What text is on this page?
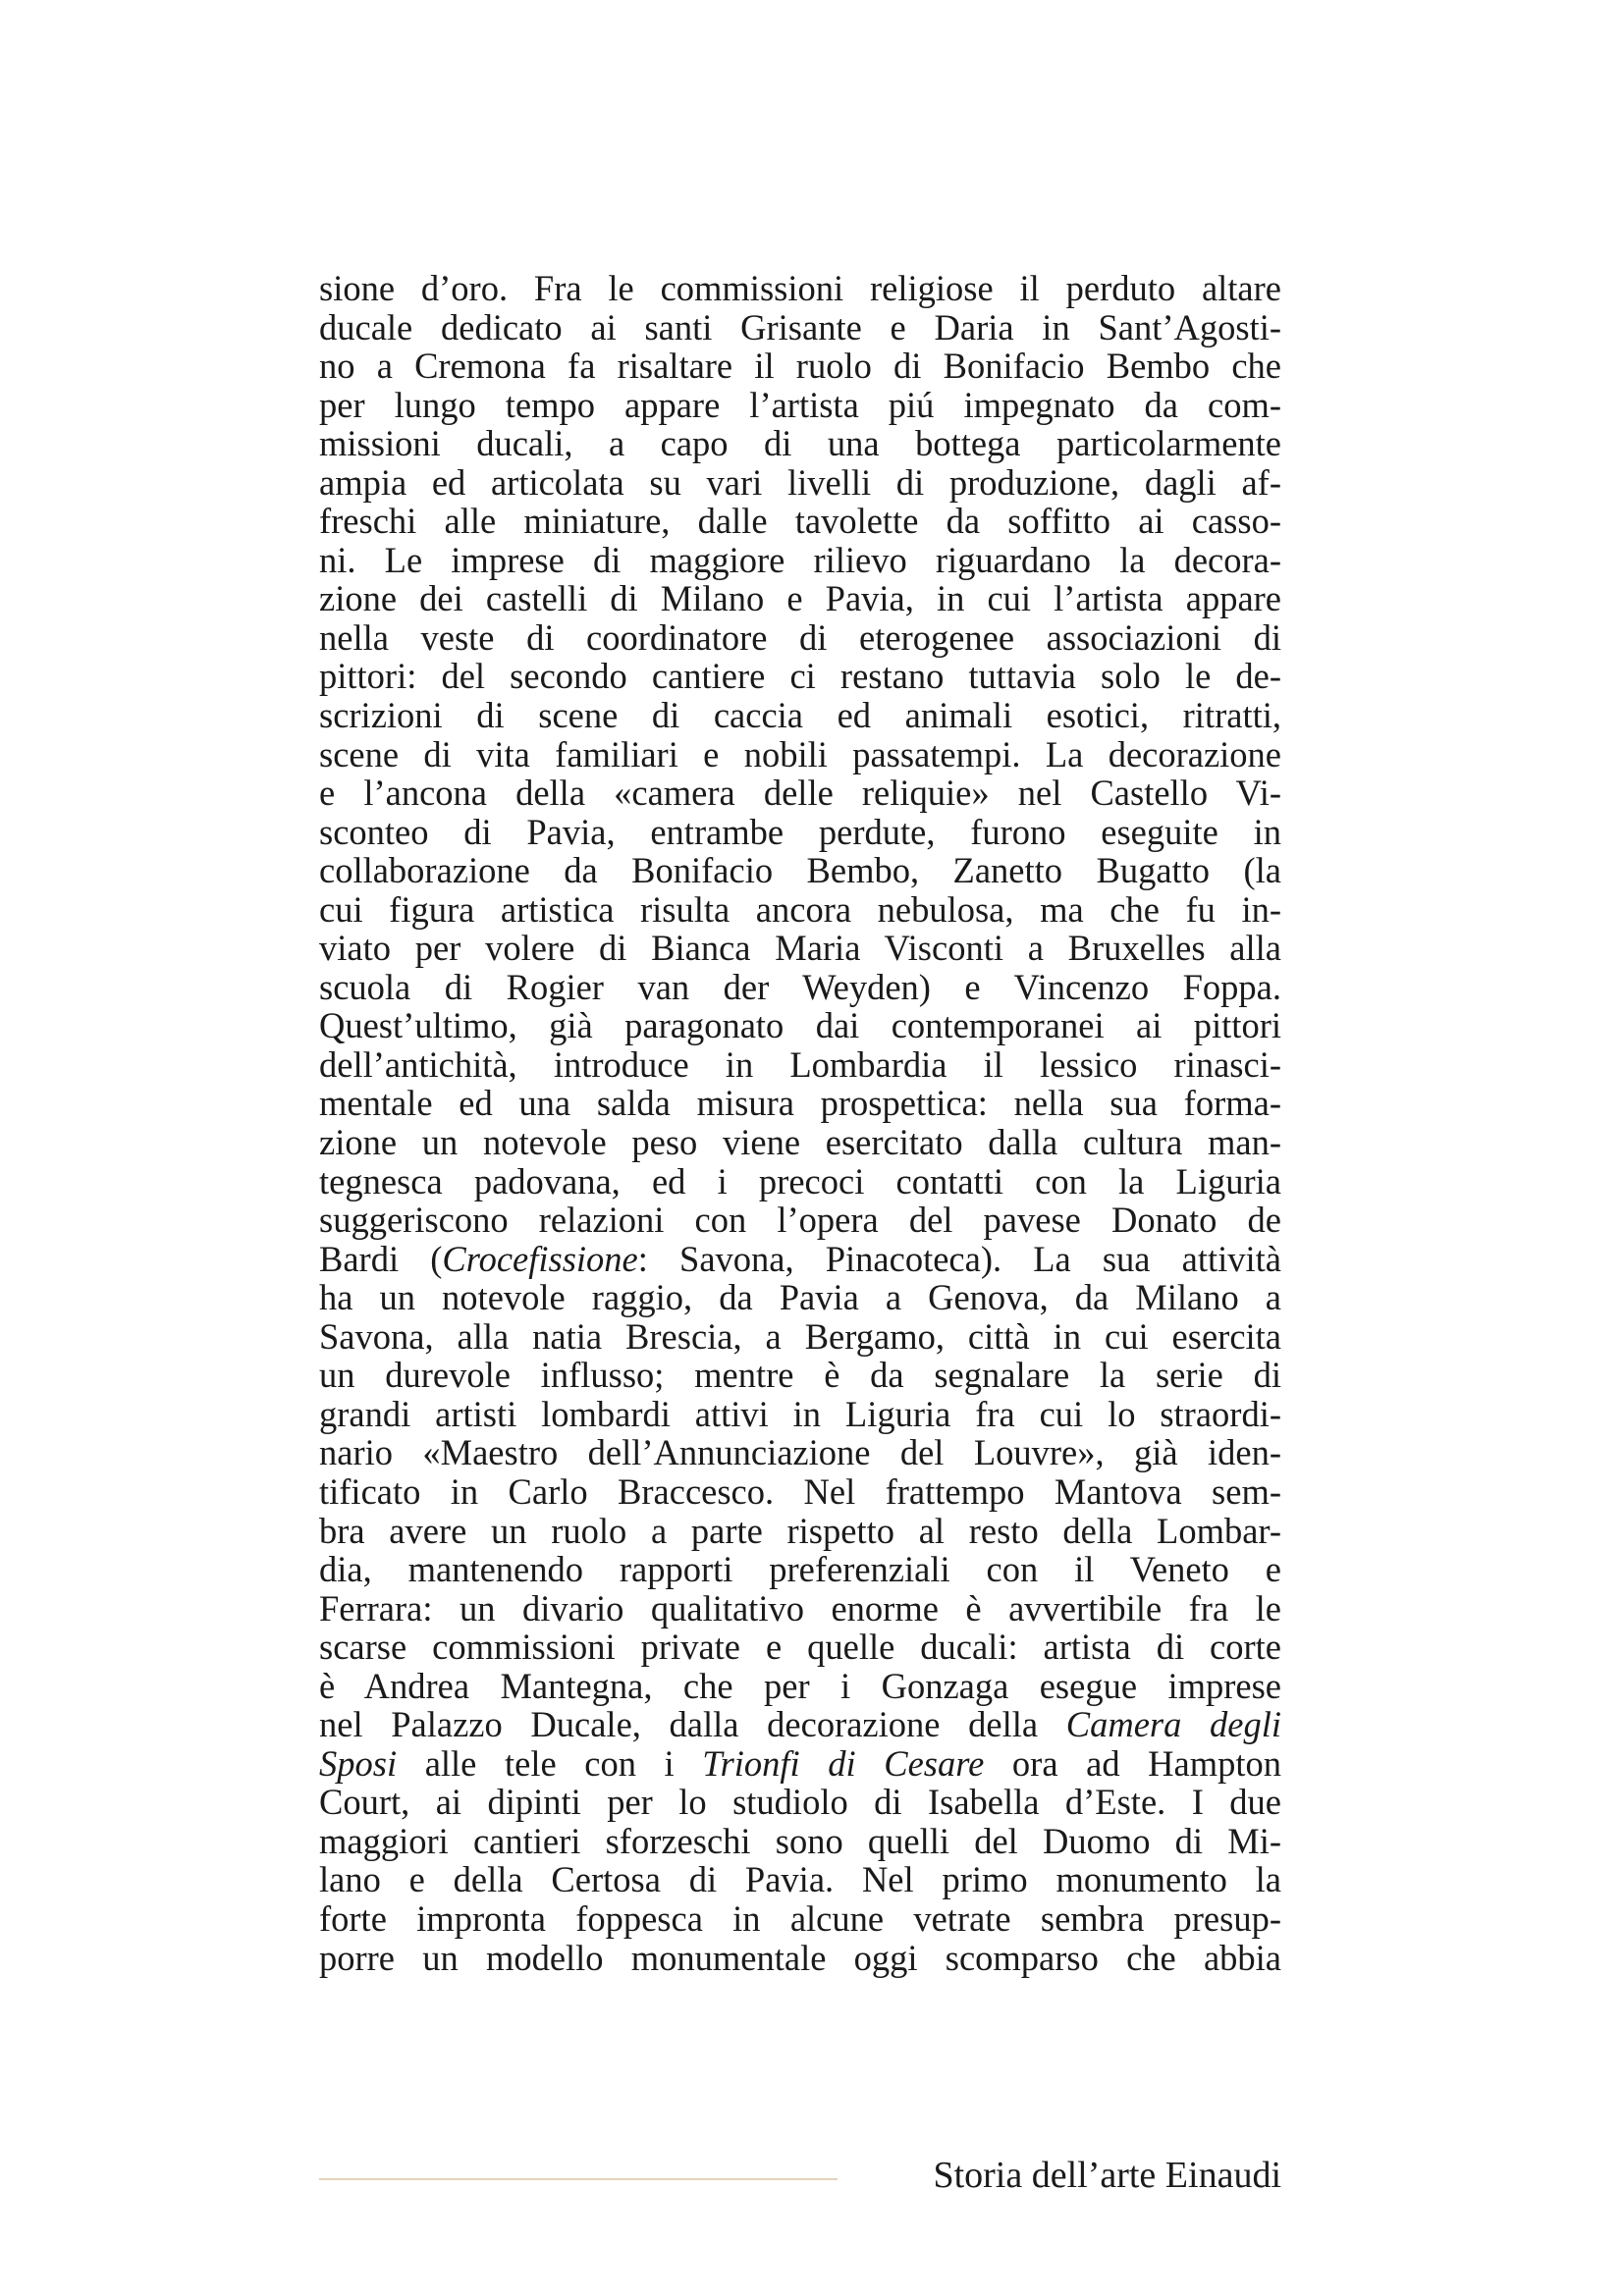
sione d’oro. Fra le commissioni religiose il perduto altare
ducale dedicato ai santi Grisante e Daria in Sant’Agosti-
no a Cremona fa risaltare il ruolo di Bonifacio Bembo che
per lungo tempo appare l’artista piú impegnato da com-
missioni ducali, a capo di una bottega particolarmente
ampia ed articolata su vari livelli di produzione, dagli af-
freschi alle miniature, dalle tavolette da soffitto ai casso-
ni. Le imprese di maggiore rilievo riguardano la decora-
zione dei castelli di Milano e Pavia, in cui l’artista appare
nella veste di coordinatore di eterogenee associazioni di
pittori: del secondo cantiere ci restano tuttavia solo le de-
scrizioni di scene di caccia ed animali esotici, ritratti,
scene di vita familiari e nobili passatempi. La decorazione
e l’ancona della «camera delle reliquie» nel Castello Vi-
sconteo di Pavia, entrambe perdute, furono eseguite in
collaborazione da Bonifacio Bembo, Zanetto Bugatto (la
cui figura artistica risulta ancora nebulosa, ma che fu in-
viato per volere di Bianca Maria Visconti a Bruxelles alla
scuola di Rogier van der Weyden) e Vincenzo Foppa.
Quest’ultimo, già paragonato dai contemporanei ai pittori
dell’antichità, introduce in Lombardia il lessico rinasci-
mentale ed una salda misura prospettica: nella sua forma-
zione un notevole peso viene esercitato dalla cultura man-
tegnesca padovana, ed i precoci contatti con la Liguria
suggeriscono relazioni con l’opera del pavese Donato de
Bardi (Crocefissione: Savona, Pinacoteca). La sua attività
ha un notevole raggio, da Pavia a Genova, da Milano a
Savona, alla natia Brescia, a Bergamo, città in cui esercita
un durevole influsso; mentre è da segnalare la serie di
grandi artisti lombardi attivi in Liguria fra cui lo straordi-
nario «Maestro dell’Annunciazione del Louvre», già iden-
tificato in Carlo Braccesco. Nel frattempo Mantova sem-
bra avere un ruolo a parte rispetto al resto della Lombar-
dia, mantenendo rapporti preferenziali con il Veneto e
Ferrara: un divario qualitativo enorme è avvertibile fra le
scarse commissioni private e quelle ducali: artista di corte
è Andrea Mantegna, che per i Gonzaga esegue imprese
nel Palazzo Ducale, dalla decorazione della Camera degli
Sposi alle tele con i Trionfi di Cesare ora ad Hampton
Court, ai dipinti per lo studiolo di Isabella d’Este. I due
maggiori cantieri sforzeschi sono quelli del Duomo di Mi-
lano e della Certosa di Pavia. Nel primo monumento la
forte impronta foppesca in alcune vetrate sembra presup-
porre un modello monumentale oggi scomparso che abbia
Storia dell’arte Einaudi
